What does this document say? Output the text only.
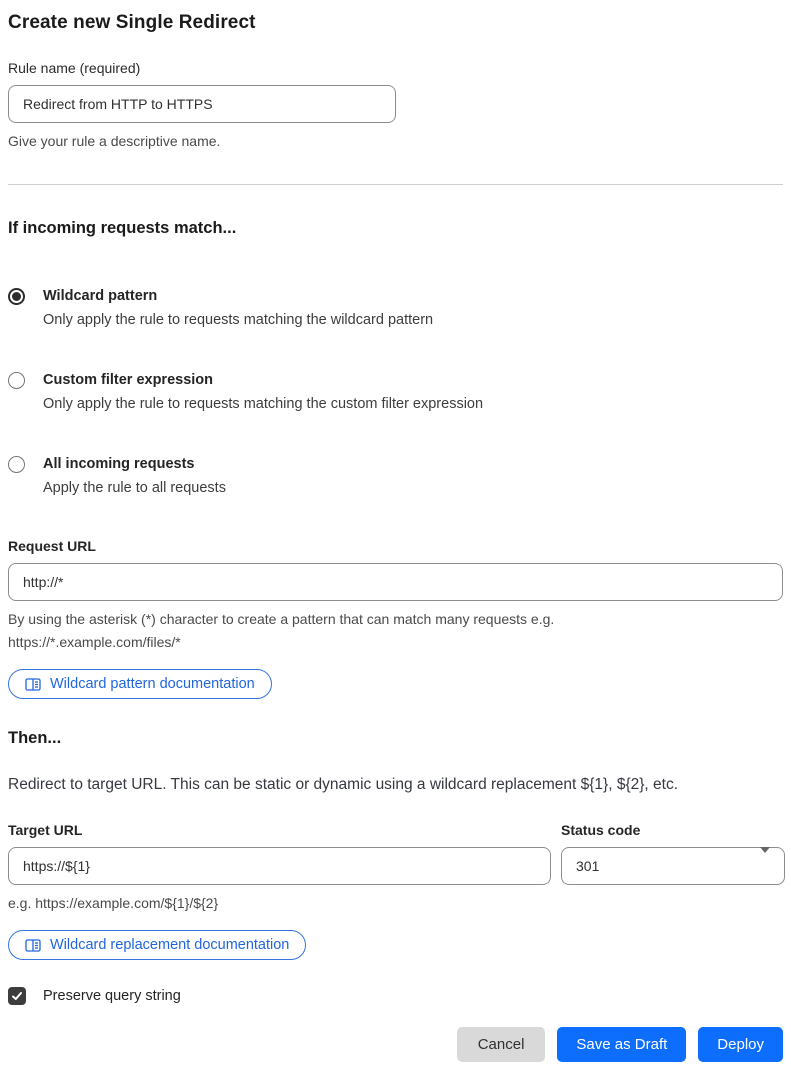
Create new Single Redirect
Rule name (required)
Redirect from HTTP to HTTPS
Give your rule a descriptive name.
If incoming requests match...
Wildcard pattern
Only apply the rule to requests matching the wildcard pattern
Custom filter expression
Only apply the rule to requests matching the custom filter expression
All incoming requests
Apply the rule to all requests
Request URL
http://*
By using the asterisk (*) character to create a pattern that can match many requests e.g.
https://*.example.com/files/*
Wildcard pattern documentation
Then...
Redirect to target URL. This can be static or dynamic using a wildcard replacement ${1}, ${2}, etc.
Target URL
https://${1}	Status code
301
e.g. https://example.com/${1}/${2}
Wildcard replacement documentation
Preserve query string
Cancel	Save as Draft	Deploy
